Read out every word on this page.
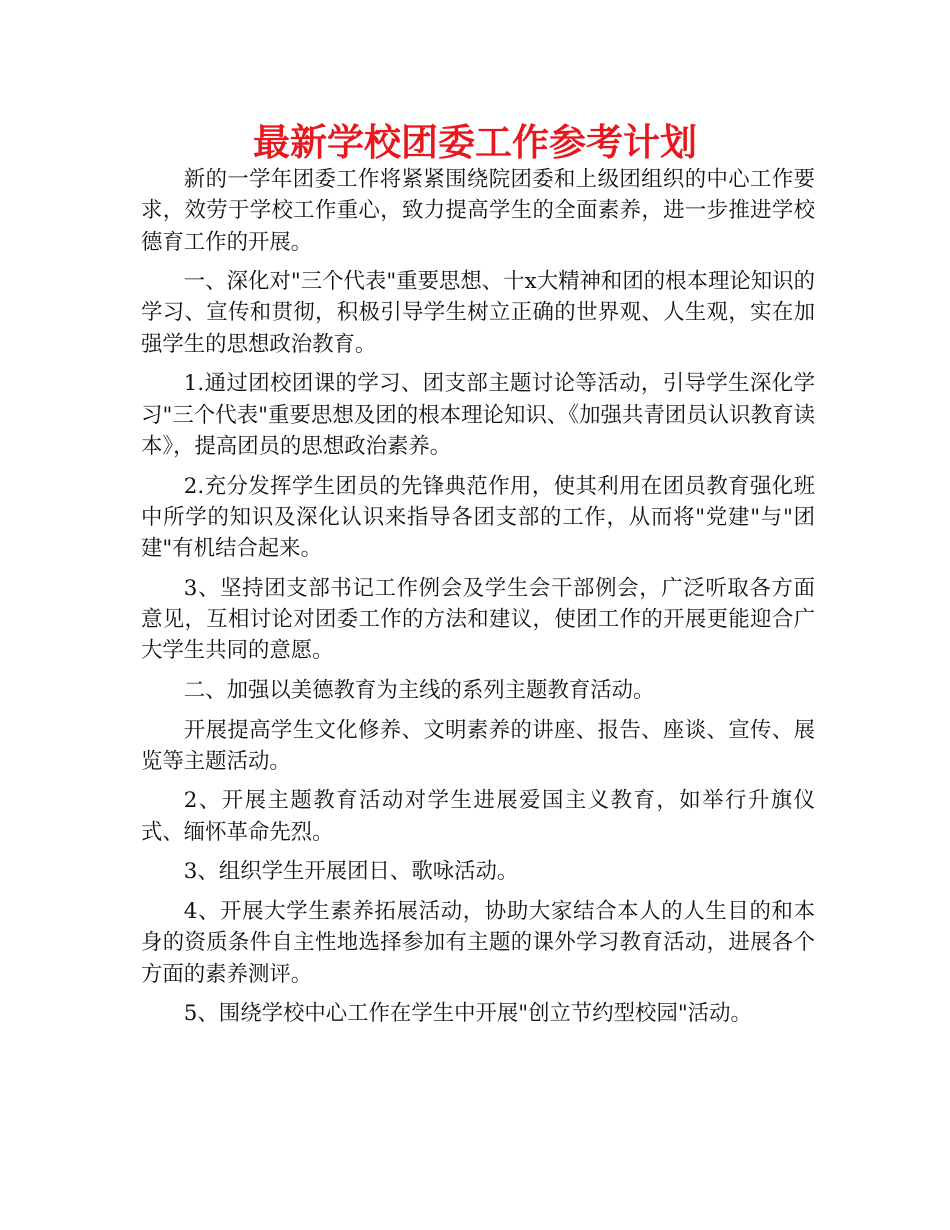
最新学校团委工作参考计划

新的一学年团委工作将紧紧围绕院团委和上级团组织的中心工作要求，效劳于学校工作重心，致力提高学生的全面素养，进一步推进学校德育工作的开展。

一、深化对"三个代表"重要思想、十x大精神和团的根本理论知识的学习、宣传和贯彻，积极引导学生树立正确的世界观、人生观，实在加强学生的思想政治教育。

1.通过团校团课的学习、团支部主题讨论等活动，引导学生深化学习"三个代表"重要思想及团的根本理论知识、《加强共青团员认识教育读本》，提高团员的思想政治素养。

2.充分发挥学生团员的先锋典范作用，使其利用在团员教育强化班中所学的知识及深化认识来指导各团支部的工作，从而将"党建"与"团建"有机结合起来。

3、坚持团支部书记工作例会及学生会干部例会，广泛听取各方面意见，互相讨论对团委工作的方法和建议，使团工作的开展更能迎合广大学生共同的意愿。

二、加强以美德教育为主线的系列主题教育活动。

开展提高学生文化修养、文明素养的讲座、报告、座谈、宣传、展览等主题活动。

2、开展主题教育活动对学生进展爱国主义教育，如举行升旗仪式、缅怀革命先烈。

3、组织学生开展团日、歌咏活动。

4、开展大学生素养拓展活动，协助大家结合本人的人生目的和本身的资质条件自主性地选择参加有主题的课外学习教育活动，进展各个方面的素养测评。

5、围绕学校中心工作在学生中开展"创立节约型校园"活动。
